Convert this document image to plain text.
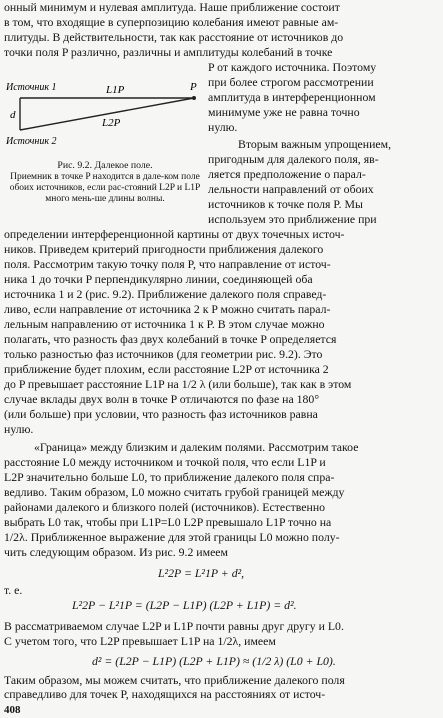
онный минимум и нулевая амплитуда. Наше приближение состоит
в том, что входящие в суперпозицию колебания имеют равные ам-
плитуды. В действительности, так как расстояние от источников до
точки поля P различно, различны и амплитуды колебаний в точке
P от каждого источника. Поэтому
при более строгом рассмотрении
амплитуда в интерференционном
минимуме уже не равна точно
нулю.
Вторым важным упрощением,
пригодным для далекого поля, яв-
ляется предположение о парал-
лельности направлений от обоих
источников к точке поля P. Мы
используем это приближение при
Источник 1
Источник 2
d
L1P
L2P
P
Рис. 9.2. Далекое поле.
Приемник в точке P находится в дале-ком поле обоих источников, если рас-стояний L2P и L1P много мень-ше длины волны.
определении интерференционной картины от двух точечных источ-
ников. Приведем критерий пригодности приближения далекого
поля. Рассмотрим такую точку поля P, что направление от источ-
ника 1 до точки P перпендикулярно линии, соединяющей оба
источника 1 и 2 (рис. 9.2). Приближение далекого поля справед-
ливо, если направление от источника 2 к P можно считать парал-
лельным направлению от источника 1 к P. В этом случае можно
полагать, что разность фаз двух колебаний в точке P определяется
только разностью фаз источников (для геометрии рис. 9.2). Это
приближение будет плохим, если расстояние L2P от источника 2
до P превышает расстояние L1P на 1/2 λ (или больше), так как в этом
случае вклады двух волн в точке P отличаются по фазе на 180°
(или больше) при условии, что разность фаз источников равна
нулю.
«Граница» между близким и далеким полями. Рассмотрим такое
расстояние L0 между источником и точкой поля, что если L1P и
L2P значительно больше L0, то приближение далекого поля спра-
ведливо. Таким образом, L0 можно считать грубой границей между
районами далекого и близкого полей (источников). Естественно
выбрать L0 так, чтобы при L1P=L0 L2P превышало L1P точно на
1/2λ. Приближенное выражение для этой границы L0 можно полу-
чить следующим образом. Из рис. 9.2 имеем
L²2P = L²1P + d²,
т. е.
L²2P − L²1P = (L2P − L1P) (L2P + L1P) = d².
В рассматриваемом случае L2P и L1P почти равны друг другу и L0.
С учетом того, что L2P превышает L1P на 1/2λ, имеем
d² = (L2P − L1P) (L2P + L1P) ≈ (1/2 λ) (L0 + L0).
Таким образом, мы можем считать, что приближение далекого поля
справедливо для точек P, находящихся на расстояниях от источ-
408
